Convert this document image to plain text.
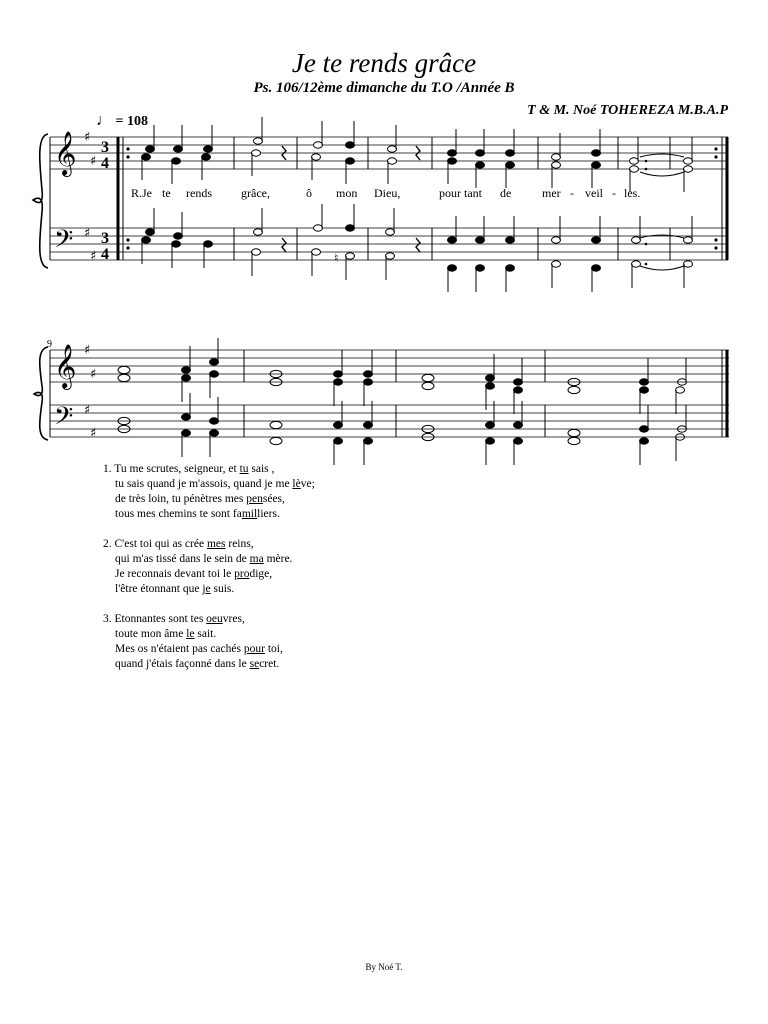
Je te rends grâce
Ps. 106/12ème dimanche du T.O /Année B
T & M. Noé TOHEREZA M.B.A.P
♩ = 108
9
𝄞
𝄢
♯
♯
♯
♯
3
4
3
4	♮
𝄞
𝄢
♯
♯
♯
♯
R.Je te rends grâce,	ô mon Dieu,	pour tant de	mer - veil - les.
1. Tu me scrutes, seigneur, et tu sais ,
tu sais quand je m'assois, quand je me lève;
de très loin, tu pénètres mes pensées,
tous mes chemins te sont familliers.
2. C'est toi qui as crée mes reins,
qui m'as tissé dans le sein de ma mère.
Je reconnais devant toi le prodige,
l'être étonnant que je suis.
3. Etonnantes sont tes oeuvres,
toute mon âme le sait.
Mes os n'étaient pas cachés pour toi,
quand j'étais façonné dans le secret.
By Noé T.
